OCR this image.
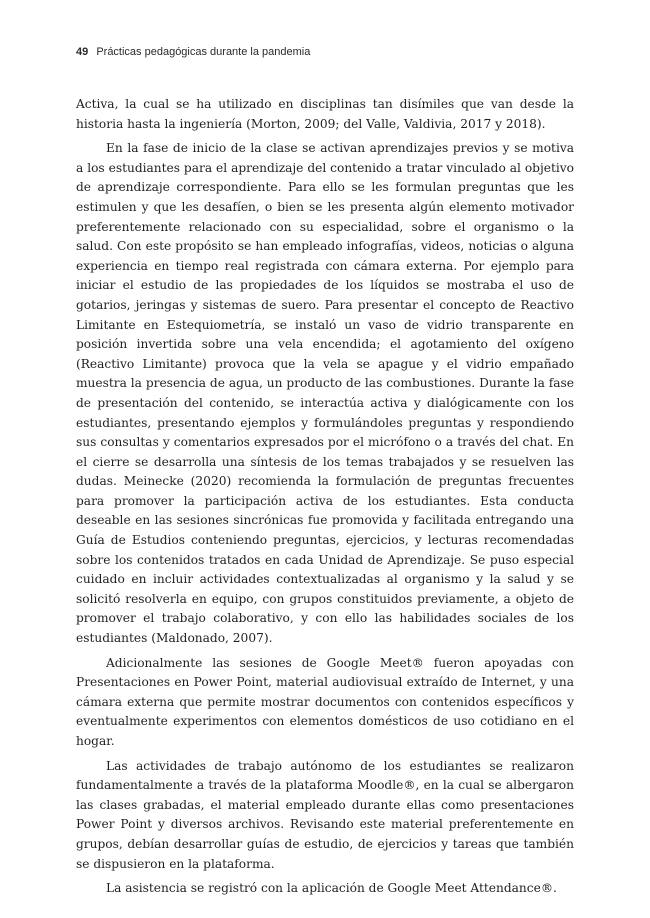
49 Prácticas pedagógicas durante la pandemia

Activa, la cual se ha utilizado en disciplinas tan disímiles que van desde la historia hasta la ingeniería (Morton, 2009; del Valle, Valdivia, 2017 y 2018).

En la fase de inicio de la clase se activan aprendizajes previos y se motiva a los estudiantes para el aprendizaje del contenido a tratar vinculado al objetivo de aprendizaje correspondiente. Para ello se les formulan preguntas que les estimulen y que les desafíen, o bien se les presenta algún elemento motivador preferentemente relacionado con su especialidad, sobre el organismo o la salud. Con este propósito se han empleado infografías, videos, noticias o alguna experiencia en tiempo real registrada con cámara externa. Por ejemplo para iniciar el estudio de las propiedades de los líquidos se mostraba el uso de gotarios, jeringas y sistemas de suero. Para presentar el concepto de Reactivo Limitante en Estequiometría, se instaló un vaso de vidrio transparente en posición invertida sobre una vela encendida; el agotamiento del oxígeno (Reactivo Limitante) provoca que la vela se apague y el vidrio empañado muestra la presencia de agua, un producto de las combustiones. Durante la fase de presentación del contenido, se interactúa activa y dialógicamente con los estudiantes, presentando ejemplos y formulándoles preguntas y respondiendo sus consultas y comentarios expresados por el micrófono o a través del chat. En el cierre se desarrolla una síntesis de los temas trabajados y se resuelven las dudas. Meinecke (2020) recomienda la formulación de preguntas frecuentes para promover la participación activa de los estudiantes. Esta conducta deseable en las sesiones sincrónicas fue promovida y facilitada entregando una Guía de Estudios conteniendo preguntas, ejercicios, y lecturas recomendadas sobre los contenidos tratados en cada Unidad de Aprendizaje. Se puso especial cuidado en incluir actividades contextualizadas al organismo y la salud y se solicitó resolverla en equipo, con grupos constituidos previamente, a objeto de promover el trabajo colaborativo, y con ello las habilidades sociales de los estudiantes (Maldonado, 2007).

Adicionalmente las sesiones de Google Meet® fueron apoyadas con Presentaciones en Power Point, material audiovisual extraído de Internet, y una cámara externa que permite mostrar documentos con contenidos específicos y eventualmente experimentos con elementos domésticos de uso cotidiano en el hogar.

Las actividades de trabajo autónomo de los estudiantes se realizaron fundamentalmente a través de la plataforma Moodle®, en la cual se albergaron las clases grabadas, el material empleado durante ellas como presentaciones Power Point y diversos archivos. Revisando este material preferentemente en grupos, debían desarrollar guías de estudio, de ejercicios y tareas que también se dispusieron en la plataforma.

La asistencia se registró con la aplicación de Google Meet Attendance®.
